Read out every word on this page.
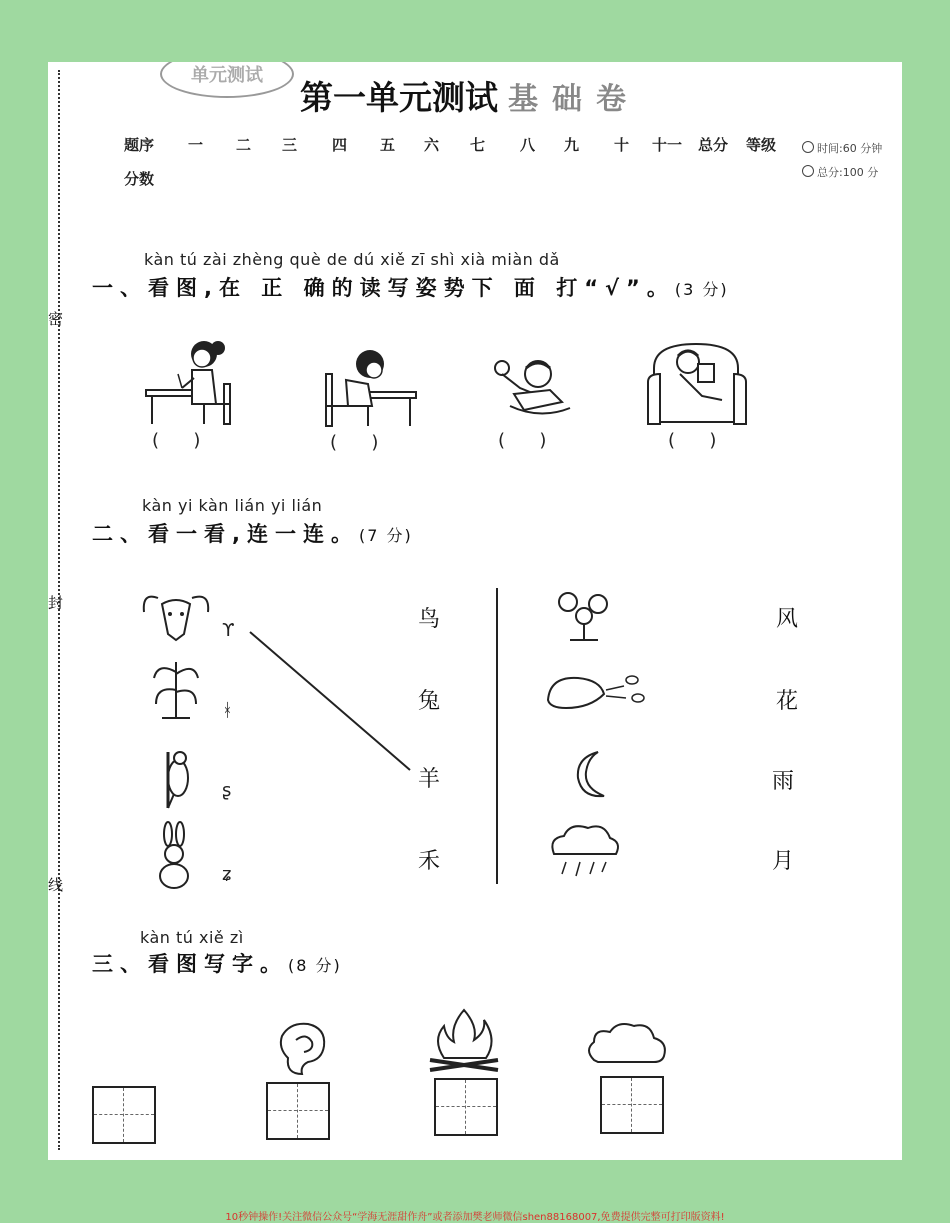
密
封
线
单元测试
第一单元测试 基础卷
题序 一 二 三 四 五 六 七 八 九 十 十一 总分 等级
分数
时间:60 分钟
总分:100 分
kàn tú zài zhèng què de dú xiě zī shì xià miàn dǎ
一、看图,在 正 确的读写姿势下 面 打“√”。(3 分)
(      )	(      )	(      )	(      )
kàn yi kàn lián yi lián
二、看一看,连一连。(7 分)
ϒ
ᚼ
ʂ
ʑ
鸟
兔
羊
禾
风
花
雨
月
kàn tú xiě zì
三、看图写字。(8 分)
10秒钟操作!关注微信公众号“学海无涯甜作舟”或者添加樊老师微信shen88168007,免费提供完整可打印版资料!
